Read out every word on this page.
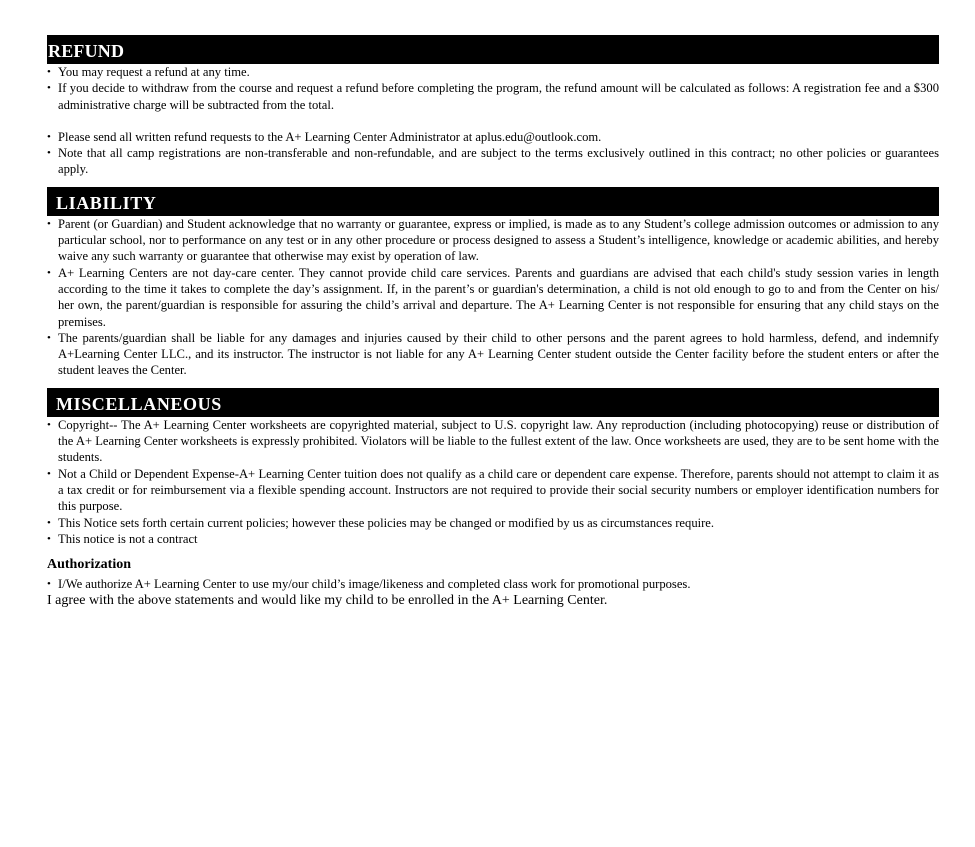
REFUND
• You may request a refund at any time.
• If you decide to withdraw from the course and request a refund before completing the program, the refund amount will be calculated as follows: A registration fee and a $300 administrative charge will be subtracted from the total.
• Please send all written refund requests to the A+ Learning Center Administrator at aplus.edu@outlook.com.
• Note that all camp registrations are non-transferable and non-refundable, and are subject to the terms exclusively outlined in this contract; no other policies or guarantees apply.
LIABILITY
• Parent (or Guardian) and Student acknowledge that no warranty or guarantee, express or implied, is made as to any Student’s college admission outcomes or admission to any particular school, nor to performance on any test or in any other procedure or process designed to assess a Student’s intelligence, knowledge or academic abilities, and hereby waive any such warranty or guarantee that otherwise may exist by operation of law.
• A+ Learning Centers are not day-care center. They cannot provide child care services. Parents and guardians are advised that each child's study session varies in length according to the time it takes to complete the day’s assignment. If, in the parent’s or guardian's determination, a child is not old enough to go to and from the Center on his/ her own, the parent/guardian is responsible for assuring the child’s arrival and departure. The A+ Learning Center is not responsible for ensuring that any child stays on the premises.
• The parents/guardian shall be liable for any damages and injuries caused by their child to other persons and the parent agrees to hold harmless, defend, and indemnify A+Learning Center LLC., and its instructor. The instructor is not liable for any A+ Learning Center student outside the Center facility before the student enters or after the student leaves the Center.
MISCELLANEOUS
• Copyright-- The A+ Learning Center worksheets are copyrighted material, subject to U.S. copyright law. Any reproduction (including photocopying) reuse or distribution of the A+ Learning Center worksheets is expressly prohibited. Violators will be liable to the fullest extent of the law. Once worksheets are used, they are to be sent home with the students.
• Not a Child or Dependent Expense-A+ Learning Center tuition does not qualify as a child care or dependent care expense. Therefore, parents should not attempt to claim it as a tax credit or for reimbursement via a flexible spending account. Instructors are not required to provide their social security numbers or employer identification numbers for this purpose.
• This Notice sets forth certain current policies; however these policies may be changed or modified by us as circumstances require.
• This notice is not a contract
Authorization
• I/We authorize A+ Learning Center to use my/our child’s image/likeness and completed class work for promotional purposes.
I agree with the above statements and would like my child to be enrolled in the A+ Learning Center.
